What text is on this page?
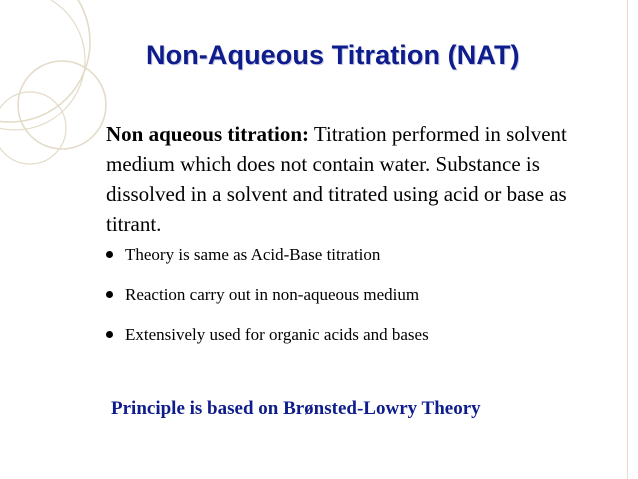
Non-Aqueous Titration (NAT)
Non aqueous titration: Titration performed in solvent medium which does not contain water. Substance is dissolved in a solvent and titrated using acid or base as titrant.
Theory is same as Acid-Base titration
Reaction carry out in non-aqueous medium
Extensively used for organic acids and bases
Principle is based on Brønsted-Lowry Theory
